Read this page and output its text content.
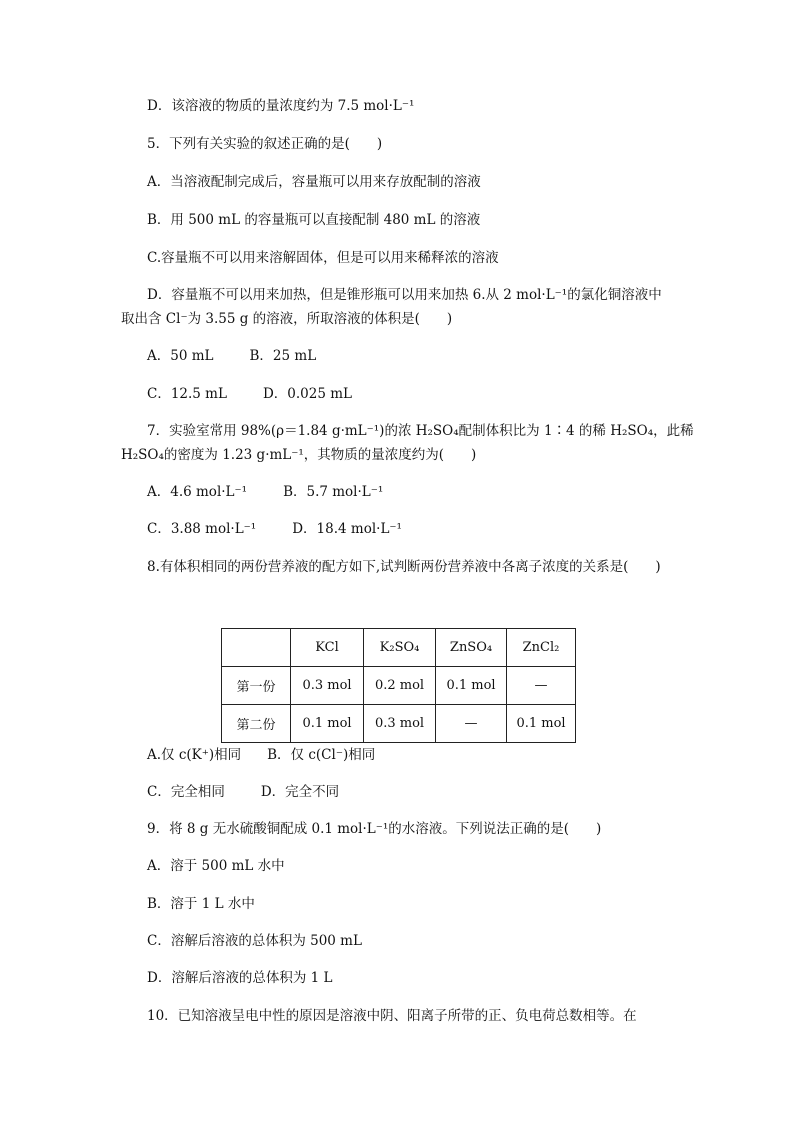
D．该溶液的物质的量浓度约为 7.5 mol·L⁻¹
5．下列有关实验的叙述正确的是(　　)
A．当溶液配制完成后，容量瓶可以用来存放配制的溶液
B．用 500 mL 的容量瓶可以直接配制 480 mL 的溶液
C.容量瓶不可以用来溶解固体，但是可以用来稀释浓的溶液
D．容量瓶不可以用来加热，但是锥形瓶可以用来加热 6.从 2 mol·L⁻¹的氯化铜溶液中
取出含 Cl⁻为 3.55 g 的溶液，所取溶液的体积是(　　)
A．50 mL	B．25 mL
C．12.5 mL	D．0.025 mL
7．实验室常用 98%(ρ＝1.84 g·mL⁻¹)的浓 H₂SO₄配制体积比为 1∶4 的稀 H₂SO₄，此稀
H₂SO₄的密度为 1.23 g·mL⁻¹，其物质的量浓度约为(　　)
A．4.6 mol·L⁻¹	B．5.7 mol·L⁻¹
C．3.88 mol·L⁻¹	D．18.4 mol·L⁻¹
8.有体积相同的两份营养液的配方如下,试判断两份营养液中各离子浓度的关系是(　　)
	KCl	K₂SO₄	ZnSO₄	ZnCl₂
第一份	0.3 mol	0.2 mol	0.1 mol	—
第二份	0.1 mol	0.3 mol	—	0.1 mol
A.仅 c(K⁺)相同 B．仅 c(Cl⁻)相同
C．完全相同	D．完全不同
9．将 8 g 无水硫酸铜配成 0.1 mol·L⁻¹的水溶液。下列说法正确的是(　　)
A．溶于 500 mL 水中
B．溶于 1 L 水中
C．溶解后溶液的总体积为 500 mL
D．溶解后溶液的总体积为 1 L
10．已知溶液呈电中性的原因是溶液中阴、阳离子所带的正、负电荷总数相等。在
